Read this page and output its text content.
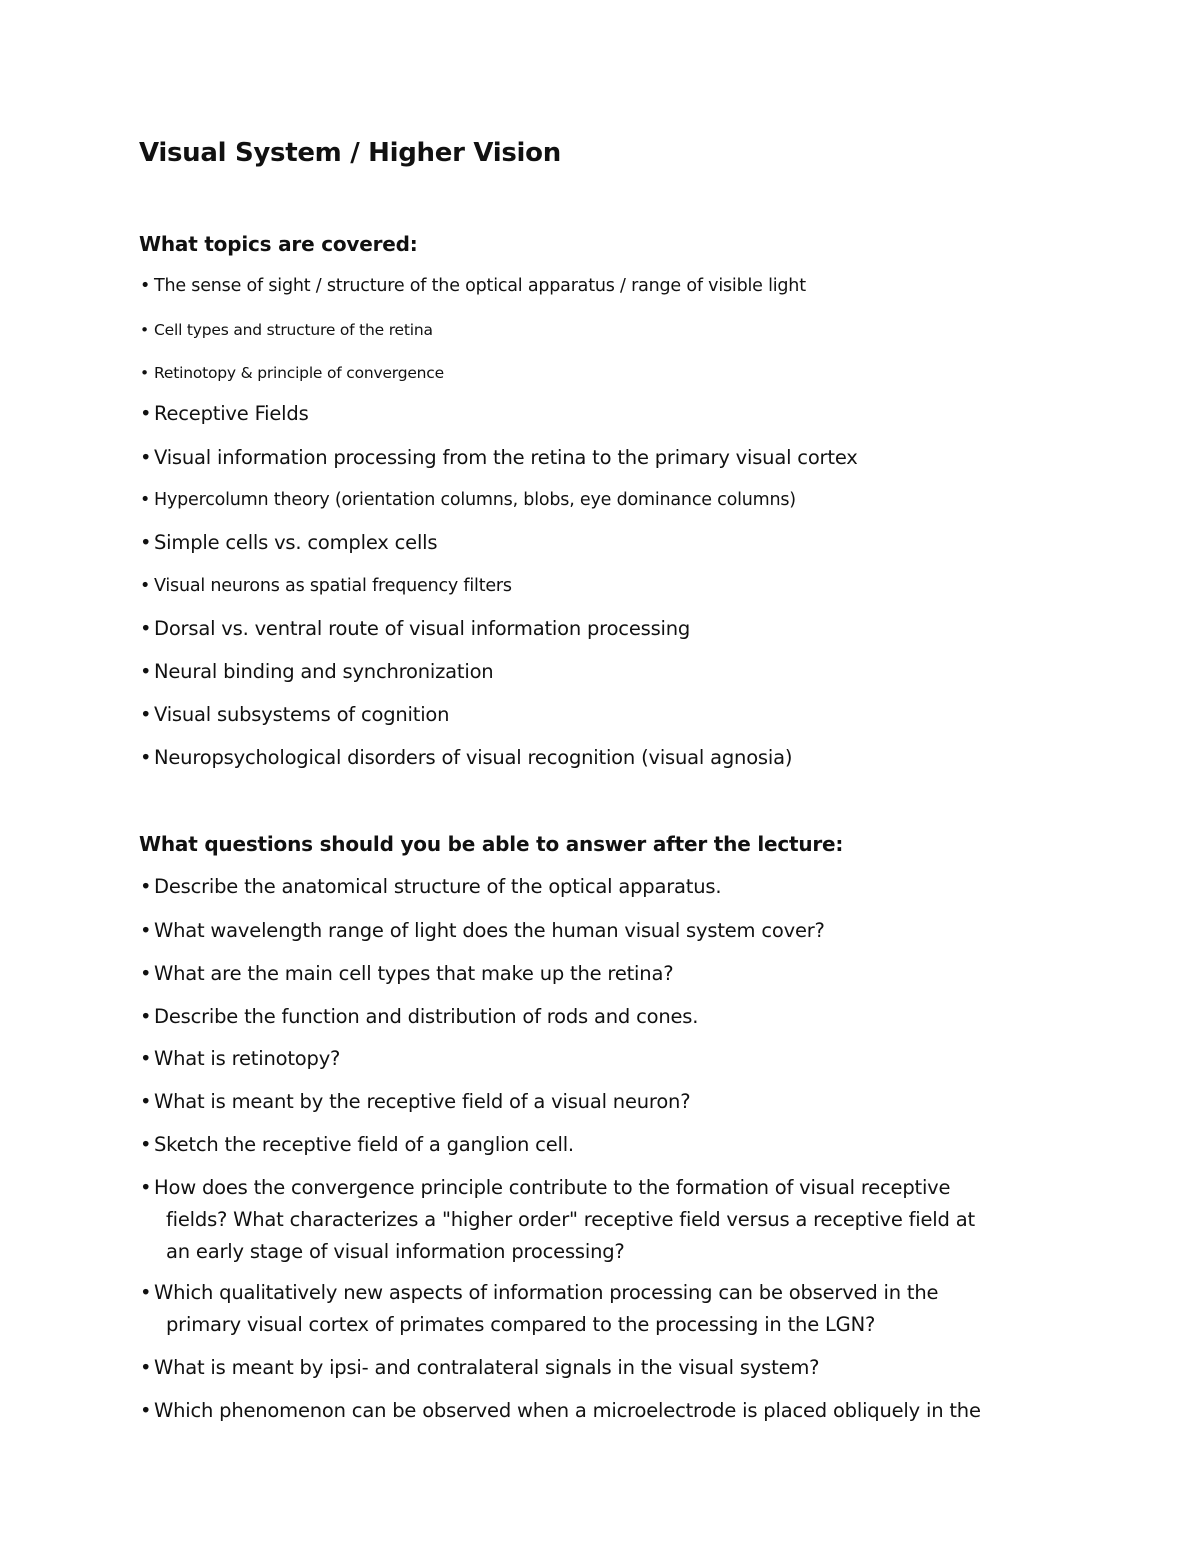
Visual System / Higher Vision
What topics are covered:
• The sense of sight / structure of the optical apparatus / range of visible light
• Cell types and structure of the retina
• Retinotopy & principle of convergence
• Receptive Fields
• Visual information processing from the retina to the primary visual cortex
• Hypercolumn theory (orientation columns, blobs, eye dominance columns)
• Simple cells vs. complex cells
• Visual neurons as spatial frequency filters
• Dorsal vs. ventral route of visual information processing
• Neural binding and synchronization
• Visual subsystems of cognition
• Neuropsychological disorders of visual recognition (visual agnosia)
What questions should you be able to answer after the lecture:
• Describe the anatomical structure of the optical apparatus.
• What wavelength range of light does the human visual system cover?
• What are the main cell types that make up the retina?
• Describe the function and distribution of rods and cones.
• What is retinotopy?
• What is meant by the receptive field of a visual neuron?
• Sketch the receptive field of a ganglion cell.
• How does the convergence principle contribute to the formation of visual receptive
fields? What characterizes a "higher order" receptive field versus a receptive field at
an early stage of visual information processing?
• Which qualitatively new aspects of information processing can be observed in the
primary visual cortex of primates compared to the processing in the LGN?
• What is meant by ipsi- and contralateral signals in the visual system?
• Which phenomenon can be observed when a microelectrode is placed obliquely in the
